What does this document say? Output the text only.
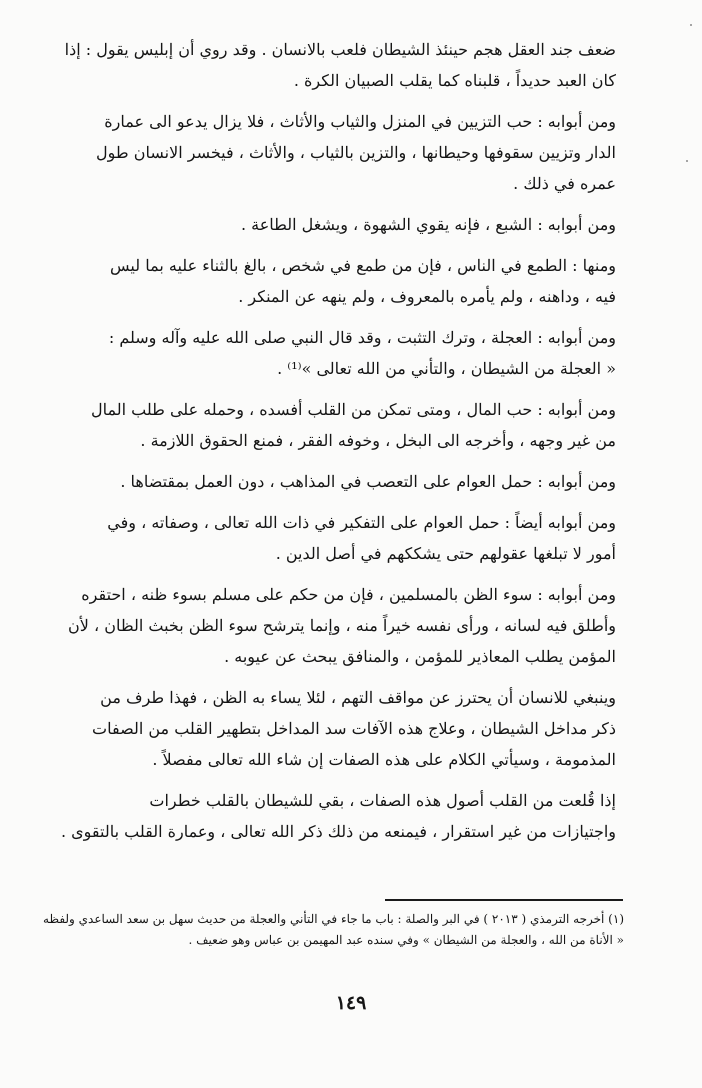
ضعف جند العقل هجم حينئذ الشيطان فلعب بالانسان . وقد روي أن إبليس يقول : إذا
كان العبد حديداً ، قلبناه كما يقلب الصبيان الكرة .

ومن أبوابه : حب التزيين في المنزل والثياب والأثاث ، فلا يزال يدعو الى عمارة
الدار وتزيين سقوفها وحيطانها ، والتزين بالثياب ، والأثاث ، فيخسر الانسان طول
عمره في ذلك .

ومن أبوابه : الشبع ، فإنه يقوي الشهوة ، ويشغل الطاعة .

ومنها : الطمع في الناس ، فإن من طمع في شخص ، بالغ بالثناء عليه بما ليس
فيه ، وداهنه ، ولم يأمره بالمعروف ، ولم ينهه عن المنكر .

ومن أبوابه : العجلة ، وترك التثبت ، وقد قال النبي صلى الله عليه وآله وسلم :
« العجلة من الشيطان ، والتأني من الله تعالى »⁽¹⁾ .

ومن أبوابه : حب المال ، ومتى تمكن من القلب أفسده ، وحمله على طلب المال
من غير وجهه ، وأخرجه الى البخل ، وخوفه الفقر ، فمنع الحقوق اللازمة .

ومن أبوابه : حمل العوام على التعصب في المذاهب ، دون العمل بمقتضاها .

ومن أبوابه أيضاً : حمل العوام على التفكير في ذات الله تعالى ، وصفاته ، وفي
أمور لا تبلغها عقولهم حتى يشككهم في أصل الدين .

ومن أبوابه : سوء الظن بالمسلمين ، فإن من حكم على مسلم بسوء ظنه ، احتقره
وأطلق فيه لسانه ، ورأى نفسه خيراً منه ، وإنما يترشح سوء الظن بخبث الظان ، لأن
المؤمن يطلب المعاذير للمؤمن ، والمنافق يبحث عن عيوبه .

وينبغي للانسان أن يحترز عن مواقف التهم ، لئلا يساء به الظن ، فهذا طرف من
ذكر مداخل الشيطان ، وعلاج هذه الآفات سد المداخل بتطهير القلب من الصفات
المذمومة ، وسيأتي الكلام على هذه الصفات إن شاء الله تعالى مفصلاً .

إذا قُلعت من القلب أصول هذه الصفات ، بقي للشيطان بالقلب خطرات
واجتيازات من غير استقرار ، فيمنعه من ذلك ذكر الله تعالى ، وعمارة القلب بالتقوى .

(١) أخرجه الترمذي ( ٢٠١٣ ) في البر والصلة : باب ما جاء في التأني والعجلة من حديث سهل بن سعد الساعدي ولفظه
« الأناة من الله ، والعجلة من الشيطان » وفي سنده عبد المهيمن بن عباس وهو ضعيف .
١٤٩
